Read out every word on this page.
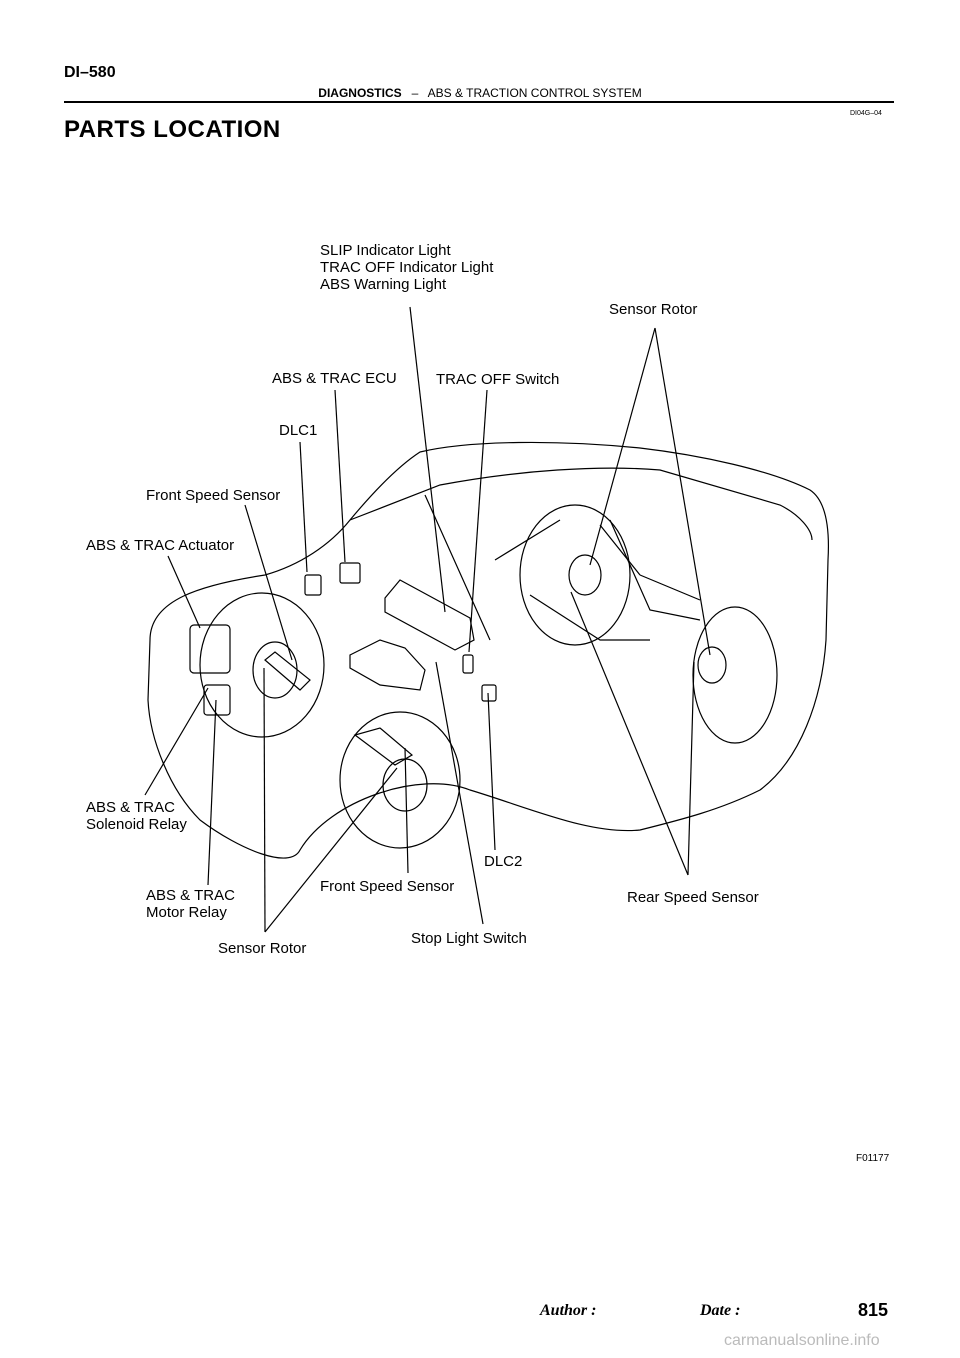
DI–580
DIAGNOSTICS – ABS & TRACTION CONTROL SYSTEM
DI04G–04
PARTS LOCATION
SLIP Indicator Light
TRAC OFF Indicator Light
ABS Warning Light
Sensor Rotor
ABS & TRAC ECU	TRAC OFF Switch
DLC1
Front Speed Sensor
ABS & TRAC Actuator
ABS & TRAC
Solenoid Relay
DLC2
Front Speed Sensor
ABS & TRAC
Motor Relay
Rear Speed Sensor
Stop Light Switch
Sensor Rotor
F01177
Author :	Date :	815
carmanualsonline.info
